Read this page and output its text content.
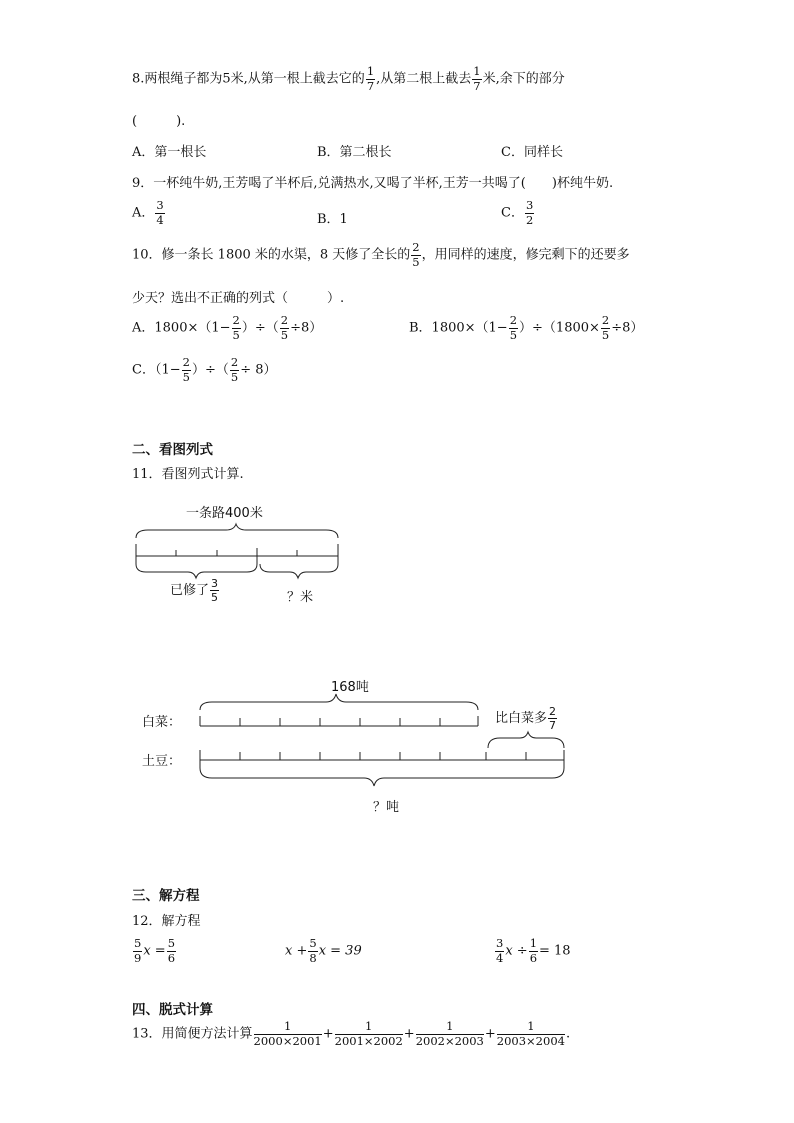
8.两根绳子都为5米,从第一根上截去它的 $\frac{1}{7}$ ,从第二根上截去 $\frac{1}{7}$ 米,余下的部分
(　　　).
A．第一根长	B．第二根长	C．同样长
9．一杯纯牛奶,王芳喝了半杯后,兑满热水,又喝了半杯,王芳一共喝了(　　)杯纯牛奶.
A． $\frac{3}{4}$	B．1	C． $\frac{3}{2}$
10．修一条长 1800 米的水渠，8 天修了全长的 $\frac{2}{5}$ ，用同样的速度，修完剩下的还要多
少天？选出不正确的列式（　　　）.
A．$1800\times(1- \frac{2}{5}$ ）÷（ $\frac{2}{5} \div 8$）	B．$1800\times(1- \frac{2}{5} )\div(1800\times \frac{2}{5} \div 8)$
C．（$1- \frac{2}{5}$ ）÷（ $\frac{2}{5} \div 8$）
二、看图列式
11．看图列式计算.
一条路400米
已修了 $\frac{3}{5}$	？米
168吨
白菜：
土豆：
比白菜多 $\frac{2}{7}$
？吨
三、解方程
12．解方程
$\frac{5}{9}$ $x = \frac{5}{6}$	$x + \frac{5}{8}$ x = 39	$\frac{3}{4}$ $x \div \frac{1}{6} = 18$
四、脱式计算
13．用简便方法计算 $\frac{1}{2000\times 2001} + \frac{1}{2001\times 2002} + \frac{1}{2002\times 2003} + \frac{1}{2003\times 2004}$ .
